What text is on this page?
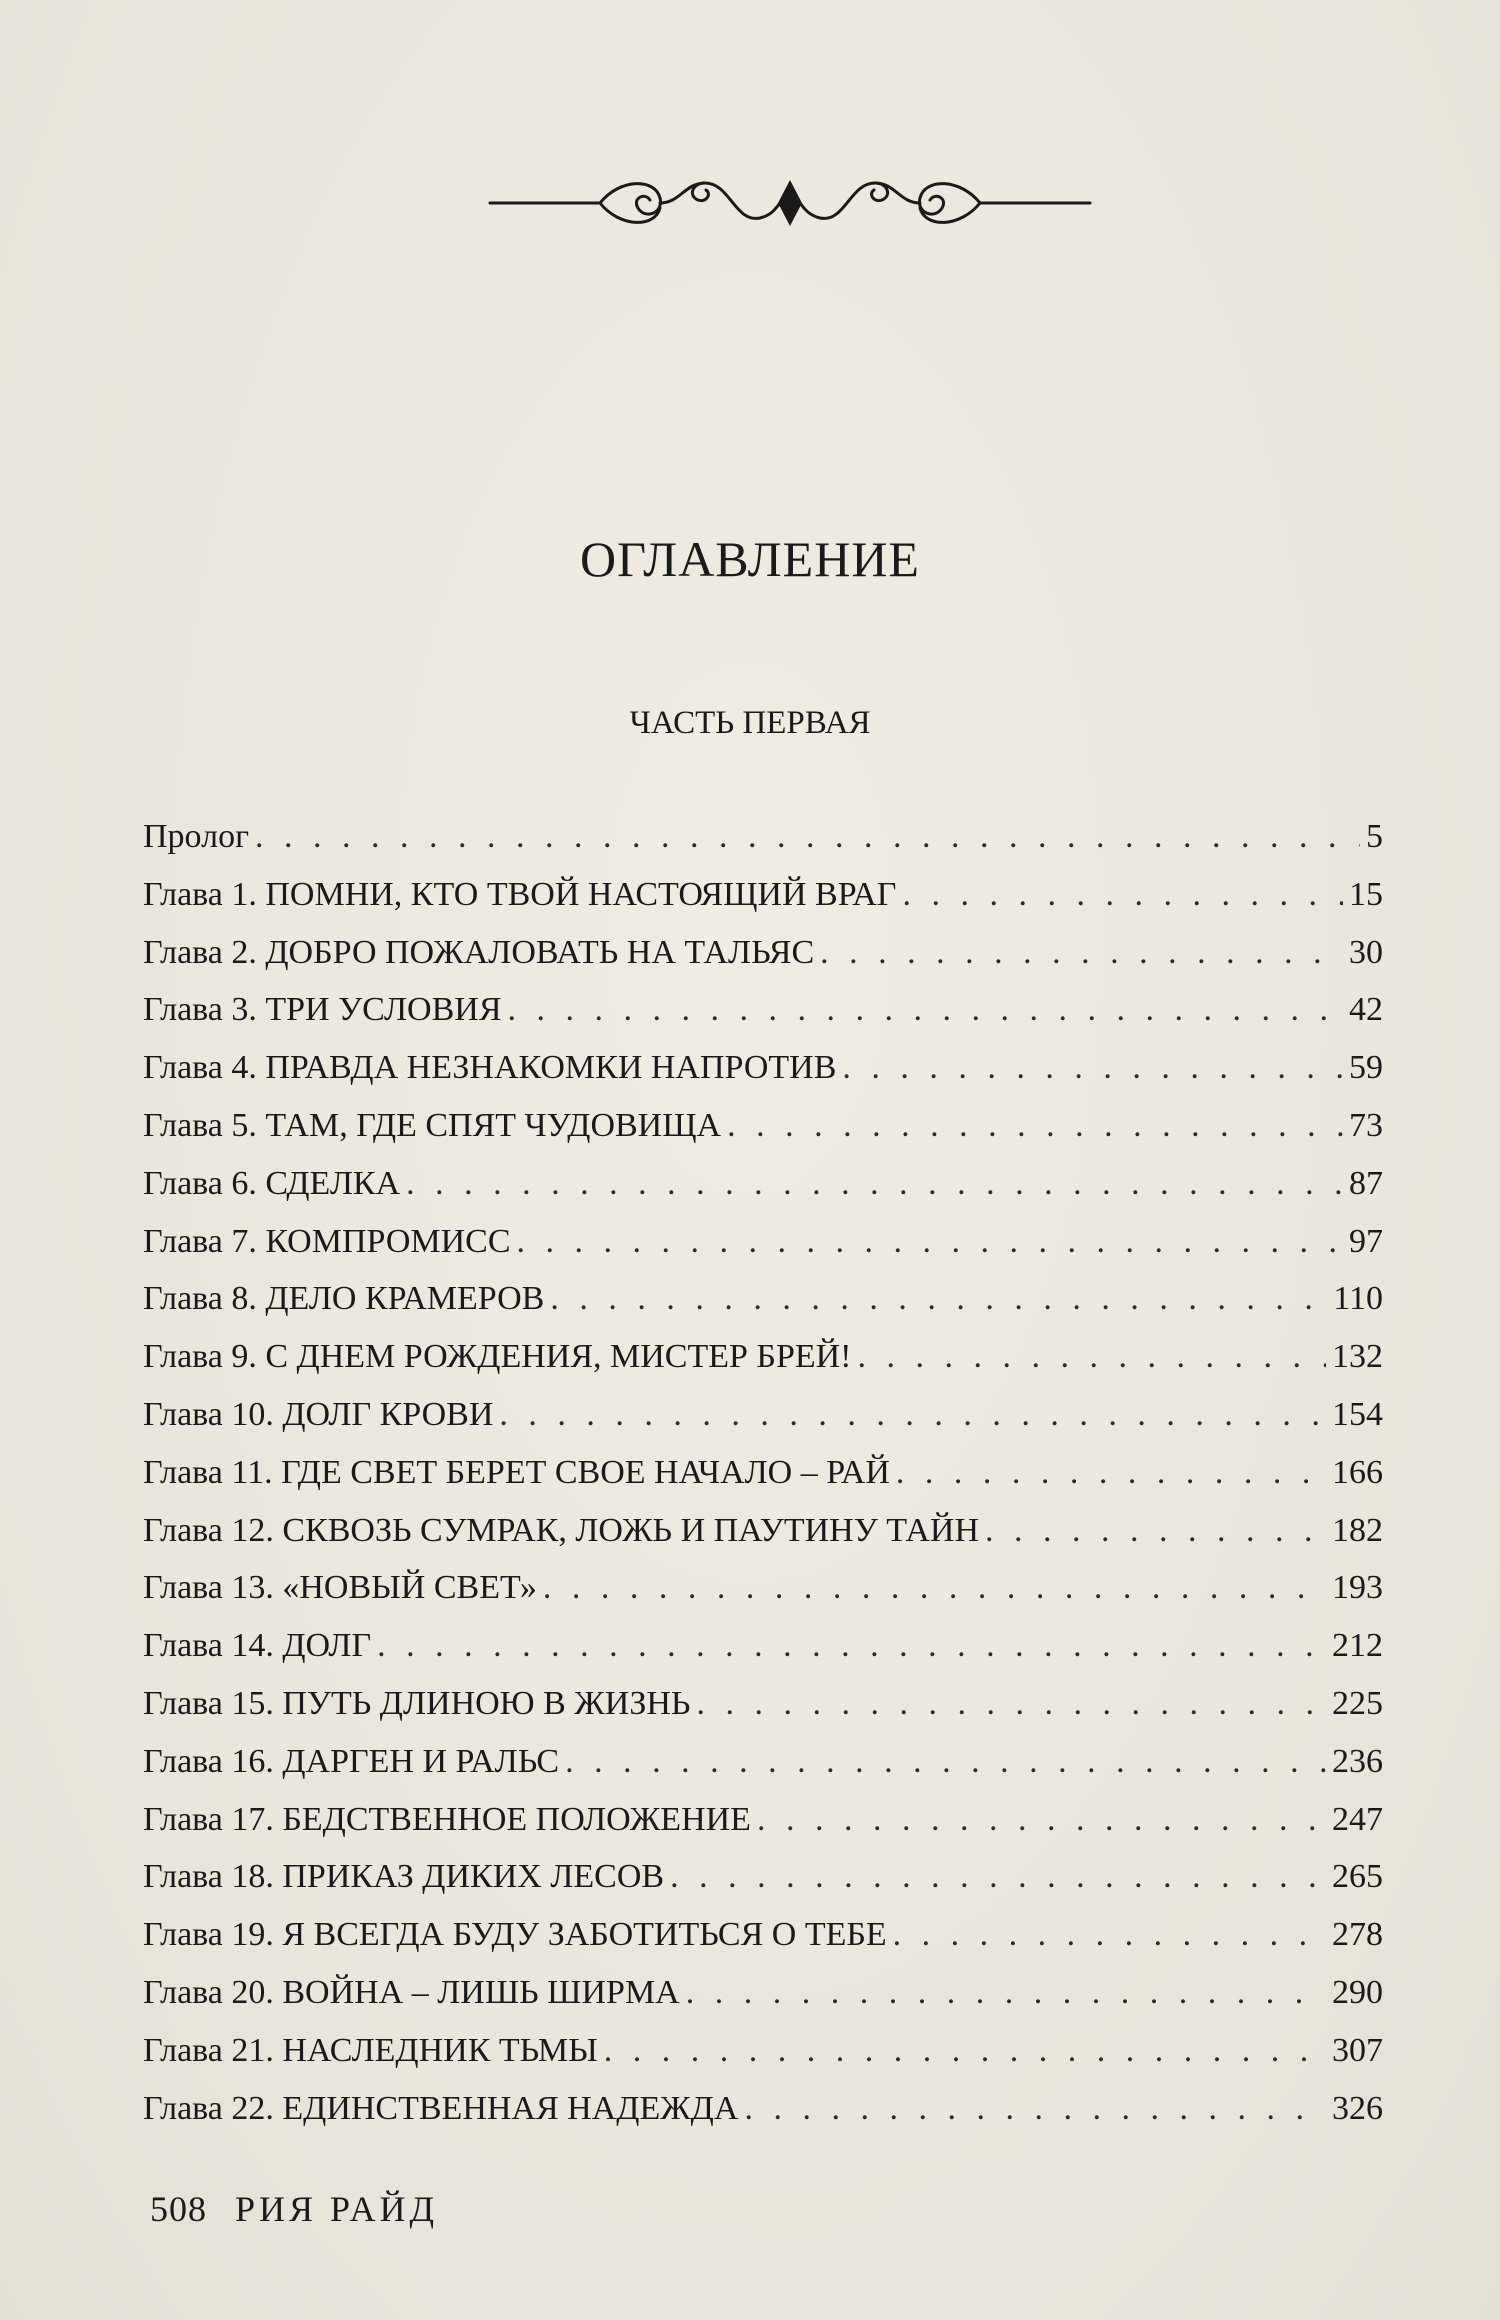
ОГЛАВЛЕНИЕ
ЧАСТЬ ПЕРВАЯ
Пролог . . .	5
Глава 1. ПОМНИ, КТО ТВОЙ НАСТОЯЩИЙ ВРАГ . . .	15
Глава 2. ДОБРО ПОЖАЛОВАТЬ НА ТАЛЬЯС . . .	30
Глава 3. ТРИ УСЛОВИЯ . . .	42
Глава 4. ПРАВДА НЕЗНАКОМКИ НАПРОТИВ . . .	59
Глава 5. ТАМ, ГДЕ СПЯТ ЧУДОВИЩА . . .	73
Глава 6. СДЕЛКА . . .	87
Глава 7. КОМПРОМИСС . . .	97
Глава 8. ДЕЛО КРАМЕРОВ . . .	110
Глава 9. С ДНЕМ РОЖДЕНИЯ, МИСТЕР БРЕЙ! . . .	132
Глава 10. ДОЛГ КРОВИ . . .	154
Глава 11. ГДЕ СВЕТ БЕРЕТ СВОЕ НАЧАЛО – РАЙ . . .	166
Глава 12. СКВОЗЬ СУМРАК, ЛОЖЬ И ПАУТИНУ ТАЙН . . .	182
Глава 13. «НОВЫЙ СВЕТ» . . .	193
Глава 14. ДОЛГ . . .	212
Глава 15. ПУТЬ ДЛИНОЮ В ЖИЗНЬ . . .	225
Глава 16. ДАРГЕН И РАЛЬС . . .	236
Глава 17. БЕДСТВЕННОЕ ПОЛОЖЕНИЕ . . .	247
Глава 18. ПРИКАЗ ДИКИХ ЛЕСОВ . . .	265
Глава 19. Я ВСЕГДА БУДУ ЗАБОТИТЬСЯ О ТЕБЕ . . .	278
Глава 20. ВОЙНА – ЛИШЬ ШИРМА . . .	290
Глава 21. НАСЛЕДНИК ТЬМЫ . . .	307
Глава 22. ЕДИНСТВЕННАЯ НАДЕЖДА . . .	326
508 РИЯ РАЙД
